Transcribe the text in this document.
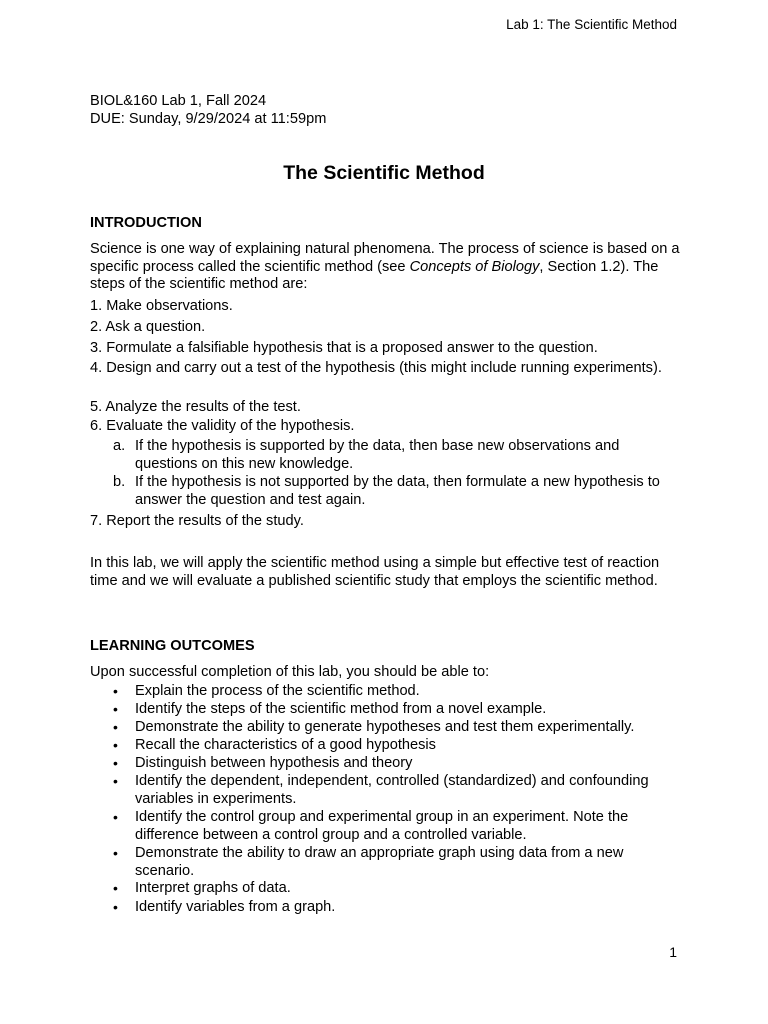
Lab 1: The Scientific Method
BIOL&160 Lab 1, Fall 2024
DUE: Sunday, 9/29/2024 at 11:59pm
The Scientific Method
INTRODUCTION
Science is one way of explaining natural phenomena. The process of science is based on a specific process called the scientific method (see Concepts of Biology, Section 1.2). The steps of the scientific method are:
1. Make observations.
2. Ask a question.
3. Formulate a falsifiable hypothesis that is a proposed answer to the question.
4. Design and carry out a test of the hypothesis (this might include running experiments).
5. Analyze the results of the test.
6. Evaluate the validity of the hypothesis.
a. If the hypothesis is supported by the data, then base new observations and questions on this new knowledge.
b. If the hypothesis is not supported by the data, then formulate a new hypothesis to answer the question and test again.
7. Report the results of the study.
In this lab, we will apply the scientific method using a simple but effective test of reaction time and we will evaluate a published scientific study that employs the scientific method.
LEARNING OUTCOMES
Upon successful completion of this lab, you should be able to:
• Explain the process of the scientific method.
• Identify the steps of the scientific method from a novel example.
• Demonstrate the ability to generate hypotheses and test them experimentally.
• Recall the characteristics of a good hypothesis
• Distinguish between hypothesis and theory
• Identify the dependent, independent, controlled (standardized) and confounding variables in experiments.
• Identify the control group and experimental group in an experiment. Note the difference between a control group and a controlled variable.
• Demonstrate the ability to draw an appropriate graph using data from a new scenario.
• Interpret graphs of data.
• Identify variables from a graph.
1
